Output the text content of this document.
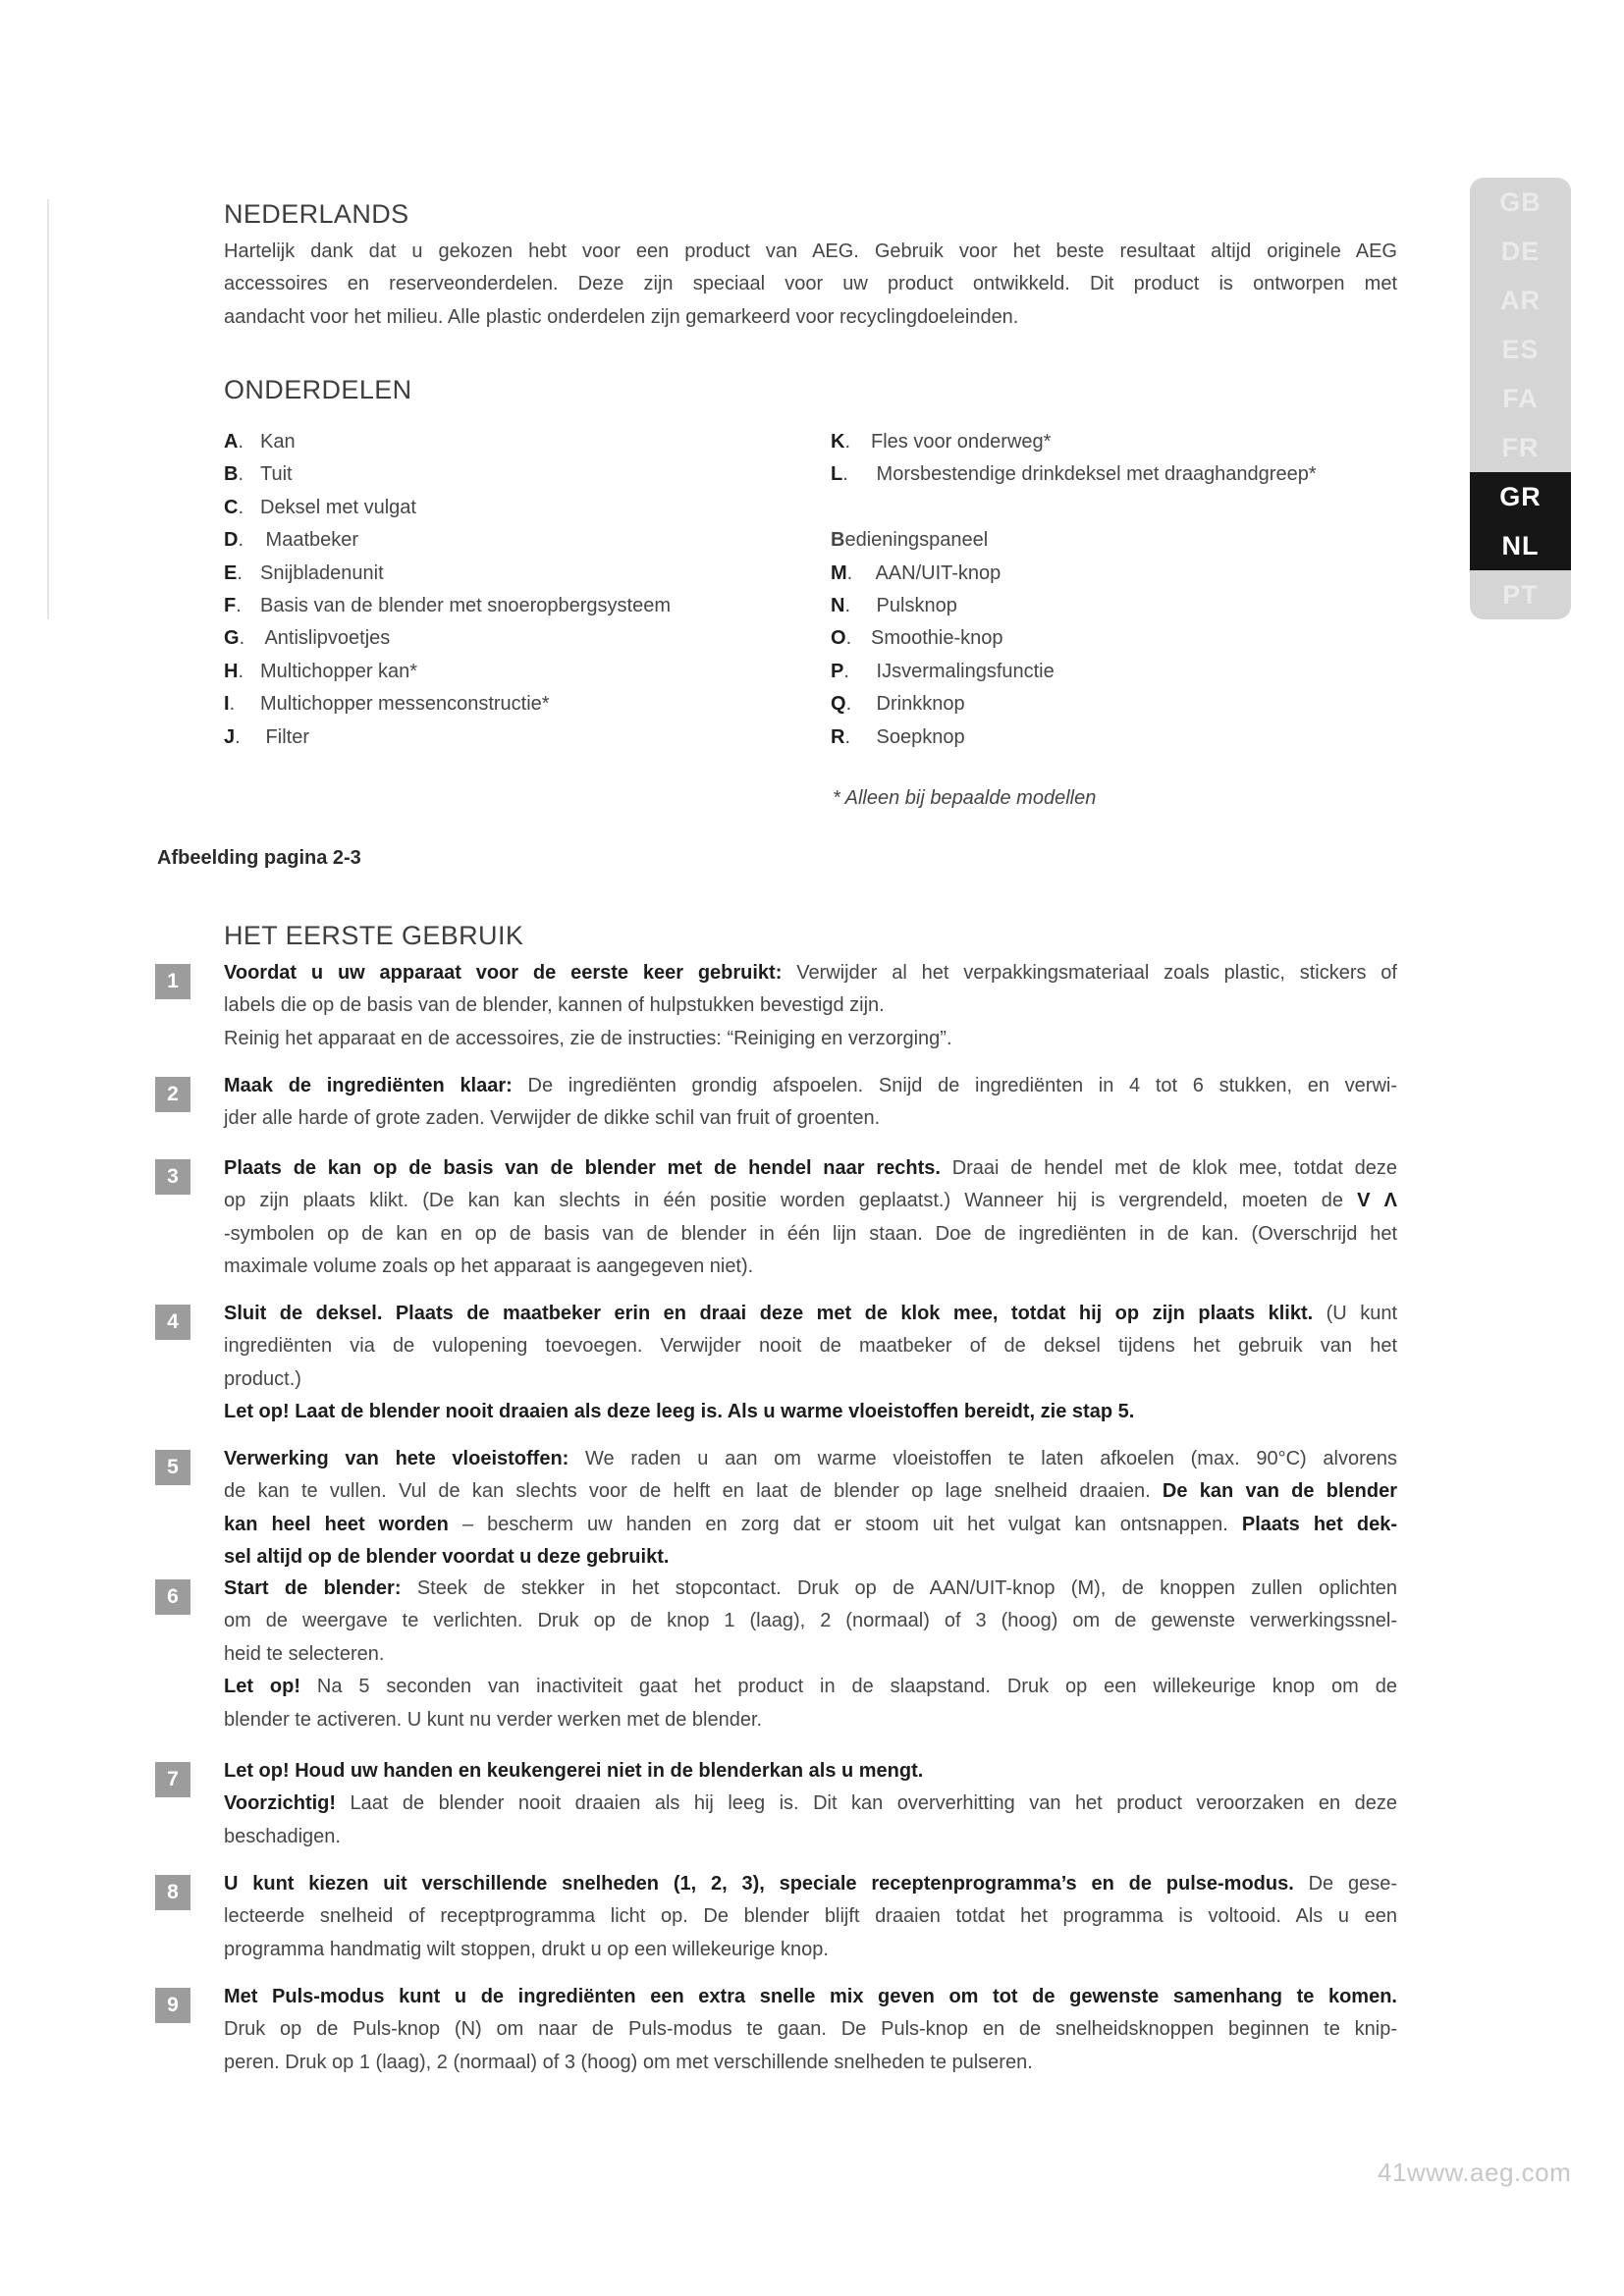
GB
DE
AR
ES
FA
FR
GR
NL
PT
NEDERLANDS
Hartelijk dank dat u gekozen hebt voor een product van AEG. Gebruik voor het beste resultaat altijd originele AEG
accessoires en reserveonderdelen. Deze zijn speciaal voor uw product ontwikkeld. Dit product is ontworpen met
aandacht voor het milieu. Alle plastic onderdelen zijn gemarkeerd voor recyclingdoeleinden.
ONDERDELEN
A. Kan
B. Tuit
C. Deksel met vulgat
D. Maatbeker
E. Snijbladenunit
F. Basis van de blender met snoeropbergsysteem
G. Antislipvoetjes
H. Multichopper kan*
I. Multichopper messenconstructie*
J. Filter
K. Fles voor onderweg*
L. Morsbestendige drinkdeksel met draaghandgreep*
Bedieningspaneel
M. AAN/UIT-knop
N. Pulsknop
O. Smoothie-knop
P. IJsvermalingsfunctie
Q. Drinkknop
R. Soepknop
* Alleen bij bepaalde modellen
Afbeelding pagina 2-3
HET EERSTE GEBRUIK
1	Voordat u uw apparaat voor de eerste keer gebruikt: Verwijder al het verpakkingsmateriaal zoals plastic, stickers of
labels die op de basis van de blender, kannen of hulpstukken bevestigd zijn.
Reinig het apparaat en de accessoires, zie de instructies: “Reiniging en verzorging”.
2	Maak de ingrediënten klaar: De ingrediënten grondig afspoelen. Snijd de ingrediënten in 4 tot 6 stukken, en verwi-
jder alle harde of grote zaden. Verwijder de dikke schil van fruit of groenten.
3	Plaats de kan op de basis van de blender met de hendel naar rechts. Draai de hendel met de klok mee, totdat deze
op zijn plaats klikt. (De kan kan slechts in één positie worden geplaatst.) Wanneer hij is vergrendeld, moeten de V Λ
-symbolen op de kan en op de basis van de blender in één lijn staan. Doe de ingrediënten in de kan. (Overschrijd het
maximale volume zoals op het apparaat is aangegeven niet).
4	Sluit de deksel. Plaats de maatbeker erin en draai deze met de klok mee, totdat hij op zijn plaats klikt. (U kunt
ingrediënten via de vulopening toevoegen. Verwijder nooit de maatbeker of de deksel tijdens het gebruik van het
product.)
Let op! Laat de blender nooit draaien als deze leeg is. Als u warme vloeistoffen bereidt, zie stap 5.
5	Verwerking van hete vloeistoffen: We raden u aan om warme vloeistoffen te laten afkoelen (max. 90°C) alvorens
de kan te vullen. Vul de kan slechts voor de helft en laat de blender op lage snelheid draaien. De kan van de blender
kan heel heet worden – bescherm uw handen en zorg dat er stoom uit het vulgat kan ontsnappen. Plaats het dek-
sel altijd op de blender voordat u deze gebruikt.
6	Start de blender: Steek de stekker in het stopcontact. Druk op de AAN/UIT-knop (M), de knoppen zullen oplichten
om de weergave te verlichten. Druk op de knop 1 (laag), 2 (normaal) of 3 (hoog) om de gewenste verwerkingssnel-
heid te selecteren.
Let op! Na 5 seconden van inactiviteit gaat het product in de slaapstand. Druk op een willekeurige knop om de
blender te activeren. U kunt nu verder werken met de blender.
7	Let op! Houd uw handen en keukengerei niet in de blenderkan als u mengt.
Voorzichtig! Laat de blender nooit draaien als hij leeg is. Dit kan oververhitting van het product veroorzaken en deze
beschadigen.
8	U kunt kiezen uit verschillende snelheden (1, 2, 3), speciale receptenprogramma’s en de pulse-modus. De gese-
lecteerde snelheid of receptprogramma licht op. De blender blijft draaien totdat het programma is voltooid. Als u een
programma handmatig wilt stoppen, drukt u op een willekeurige knop.
9	Met Puls-modus kunt u de ingrediënten een extra snelle mix geven om tot de gewenste samenhang te komen.
Druk op de Puls-knop (N) om naar de Puls-modus te gaan. De Puls-knop en de snelheidsknoppen beginnen te knip-
peren. Druk op 1 (laag), 2 (normaal) of 3 (hoog) om met verschillende snelheden te pulseren.
41www.aeg.com
